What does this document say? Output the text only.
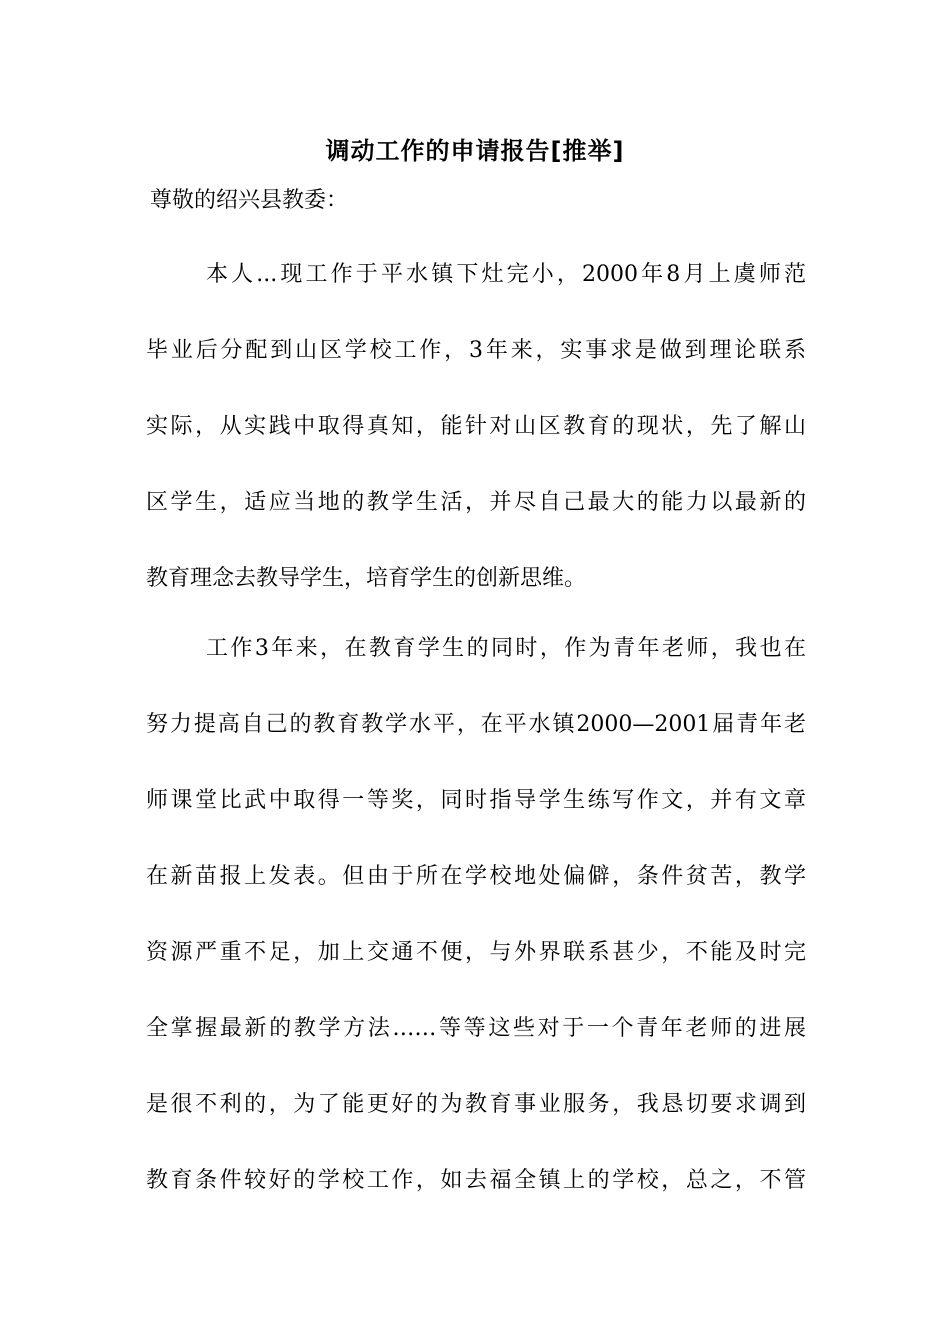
调动工作的申请报告[推举]
尊敬的绍兴县教委：
本人...现工作于平水镇下灶完小，2000年8月上虞师范
毕业后分配到山区学校工作，3年来，实事求是做到理论联系
实际，从实践中取得真知，能针对山区教育的现状，先了解山
区学生，适应当地的教学生活，并尽自己最大的能力以最新的
教育理念去教导学生，培育学生的创新思维。
工作3年来，在教育学生的同时，作为青年老师，我也在
努力提高自己的教育教学水平，在平水镇2000—2001届青年老
师课堂比武中取得一等奖，同时指导学生练写作文，并有文章
在新苗报上发表。但由于所在学校地处偏僻，条件贫苦，教学
资源严重不足，加上交通不便，与外界联系甚少，不能及时完
全掌握最新的教学方法……等等这些对于一个青年老师的进展
是很不利的，为了能更好的为教育事业服务，我恳切要求调到
教育条件较好的学校工作，如去福全镇上的学校，总之，不管
